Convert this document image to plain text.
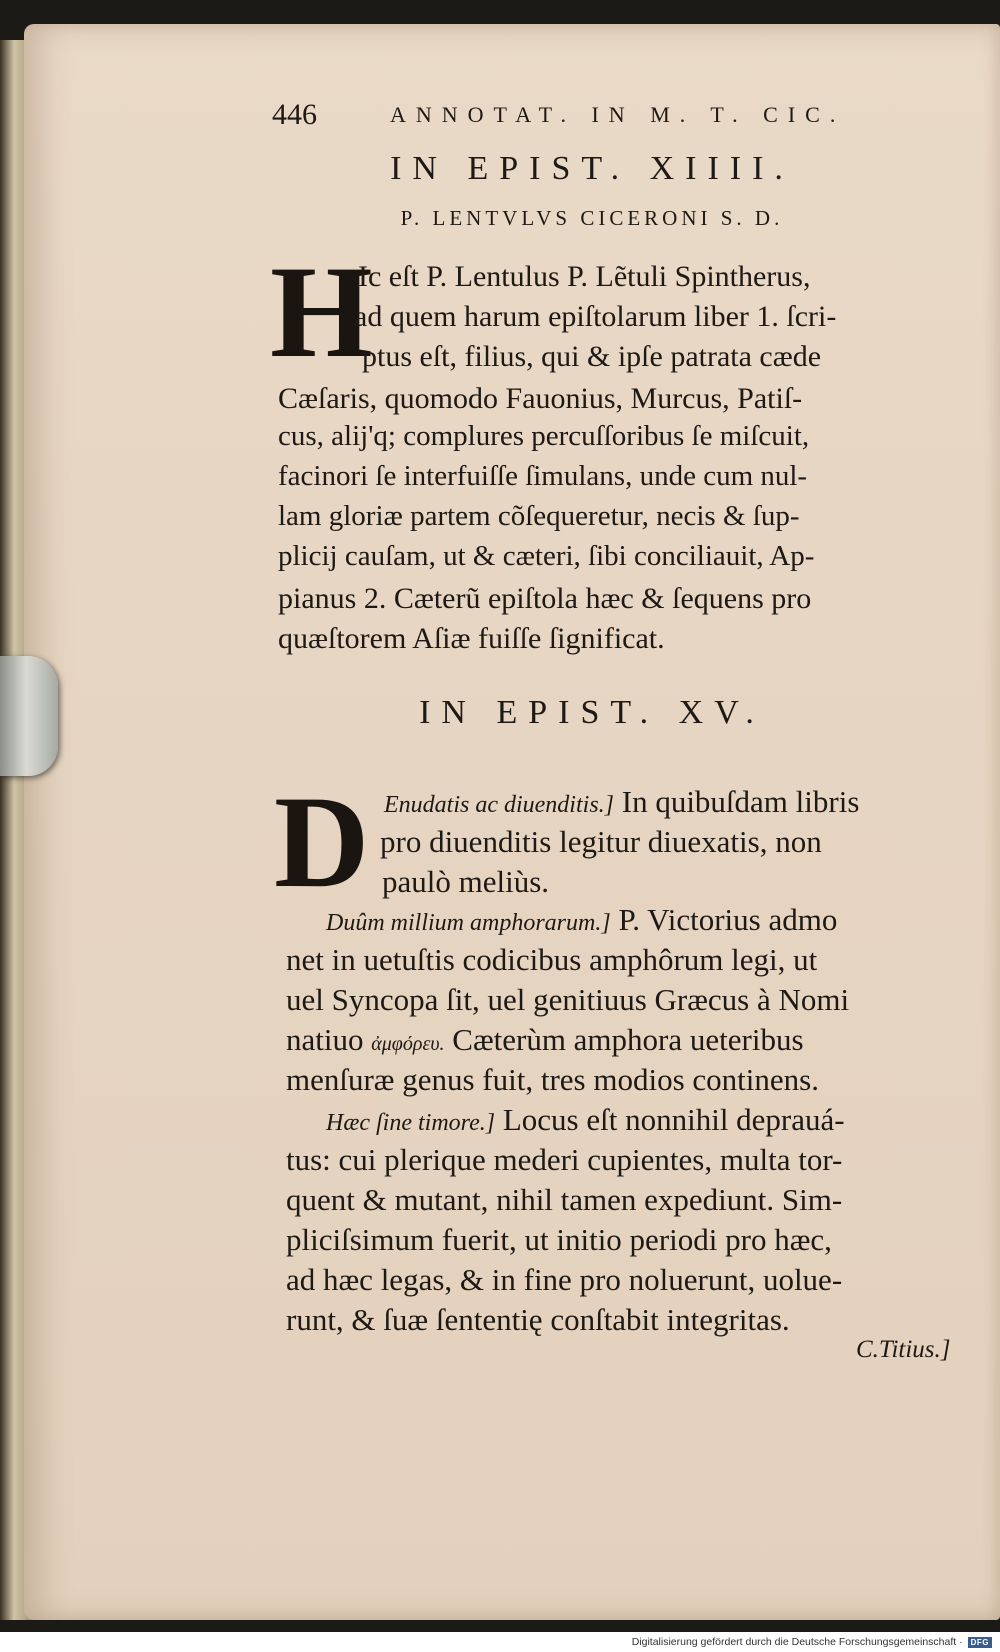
446	ANNOTAT. IN M. T. CIC.
IN EPIST. XIIII.
P. LENTVLVS CICERONI S. D.
H
Ic eſt P. Lentulus P. Lẽtuli Spintherus,
ad quem harum epiſtolarum liber 1. ſcri-
ptus eſt, filius, qui & ipſe patrata cæde
Cæſaris, quomodo Fauonius, Murcus, Patiſ-
cus, alij'q; complures percuſſoribus ſe miſcuit,
facinori ſe interfuiſſe ſimulans, unde cum nul-
lam gloriæ partem cõſequeretur, necis & ſup-
plicij cauſam, ut & cæteri, ſibi conciliauit, Ap-
pianus 2. Cæterũ epiſtola hæc & ſequens pro
quæſtorem Aſiæ fuiſſe ſignificat.
IN EPIST. XV.
D Enudatis ac diuenditis.] In quibuſdam libris
pro diuenditis legitur diuexatis, non
paulò meliùs.
Duûm millium amphorarum.] P. Victorius admo
net in uetuſtis codicibus amphôrum legi, ut
uel Syncopa ſit, uel genitiuus Græcus à Nomi
natiuo ἀμφόρευ. Cæterùm amphora ueteribus
menſuræ genus fuit, tres modios continens.
Hæc ſine timore.] Locus eſt nonnihil deprauá-
tus: cui plerique mederi cupientes, multa tor-
quent & mutant, nihil tamen expediunt. Sim-
pliciſsimum fuerit, ut initio periodi pro hæc,
ad hæc legas, & in fine pro noluerunt, uolue-
runt, & ſuæ ſententię conſtabit integritas.
C.Titius.]
Digitalisierung gefördert durch die Deutsche Forschungsgemeinschaft ·	DFG
